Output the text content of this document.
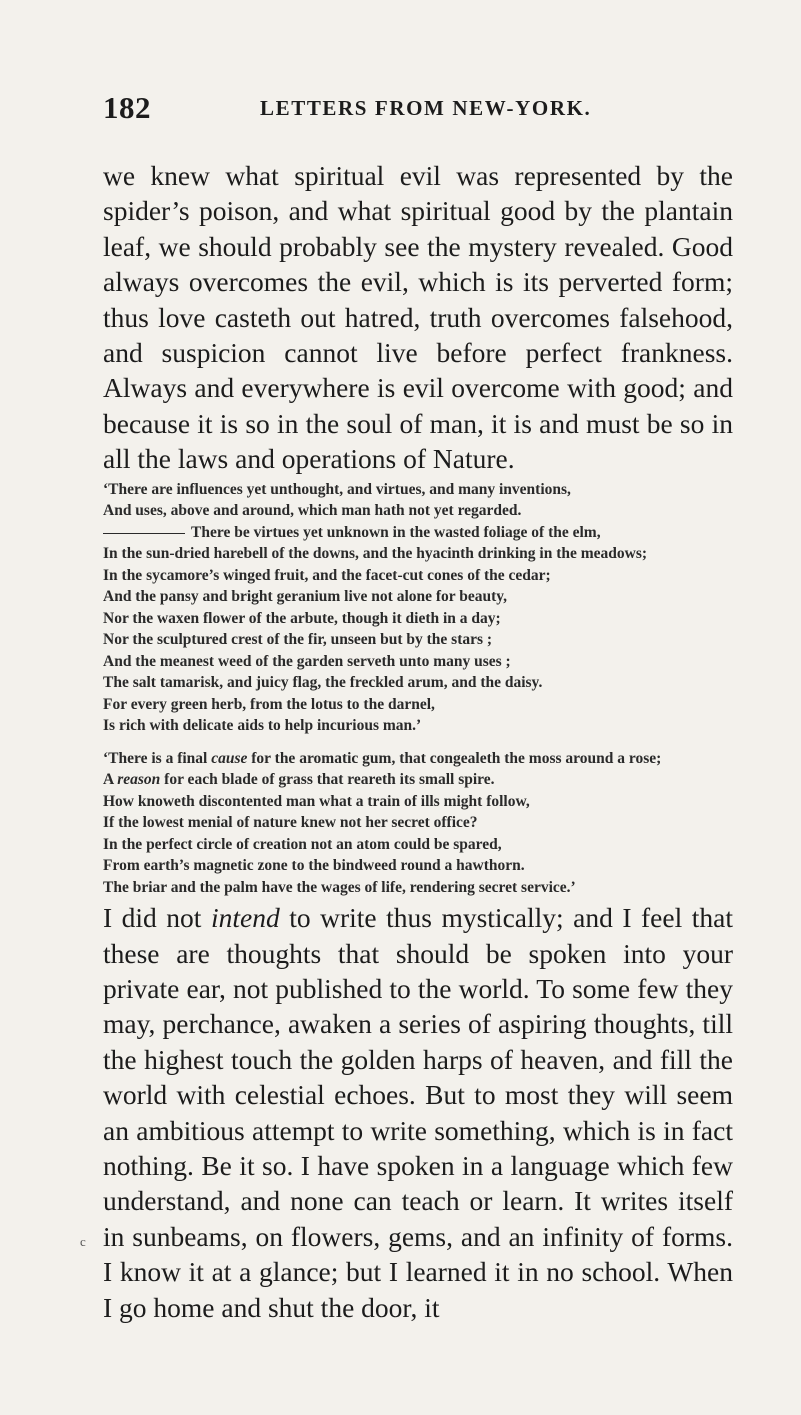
182	LETTERS FROM NEW-YORK.

we knew what spiritual evil was represented by the spider’s poison, and what spiritual good by the plantain leaf, we should probably see the mystery revealed. Good always overcomes the evil, which is its perverted form; thus love casteth out hatred, truth overcomes falsehood, and suspicion cannot live before perfect frankness. Always and everywhere is evil overcome with good; and because it is so in the soul of man, it is and must be so in all the laws and operations of Nature.

‘There are influences yet unthought, and virtues, and many inventions,
And uses, above and around, which man hath not yet regarded.
There be virtues yet unknown in the wasted foliage of the elm,
In the sun-dried harebell of the downs, and the hyacinth drinking in the meadows;
In the sycamore’s winged fruit, and the facet-cut cones of the cedar;
And the pansy and bright geranium live not alone for beauty,
Nor the waxen flower of the arbute, though it dieth in a day;
Nor the sculptured crest of the fir, unseen but by the stars ;
And the meanest weed of the garden serveth unto many uses ;
The salt tamarisk, and juicy flag, the freckled arum, and the daisy.
For every green herb, from the lotus to the darnel,
Is rich with delicate aids to help incurious man.’
‘There is a final cause for the aromatic gum, that congealeth the moss around a rose;
A reason for each blade of grass that reareth its small spire.
How knoweth discontented man what a train of ills might follow,
If the lowest menial of nature knew not her secret office?
In the perfect circle of creation not an atom could be spared,
From earth’s magnetic zone to the bindweed round a hawthorn.
The briar and the palm have the wages of life, rendering secret service.’

I did not intend to write thus mystically; and I feel that these are thoughts that should be spoken into your private ear, not published to the world. To some few they may, perchance, awaken a series of aspiring thoughts, till the highest touch the golden harps of heaven, and fill the world with celestial echoes. But to most they will seem an ambitious attempt to write something, which is in fact nothing. Be it so. I have spoken in a language which few understand, and none can teach or learn. It writes itself in sunbeams, on flowers, gems, and an infinity of forms. I know it at a glance; but I learned it in no school. When I go home and shut the door, it

c
